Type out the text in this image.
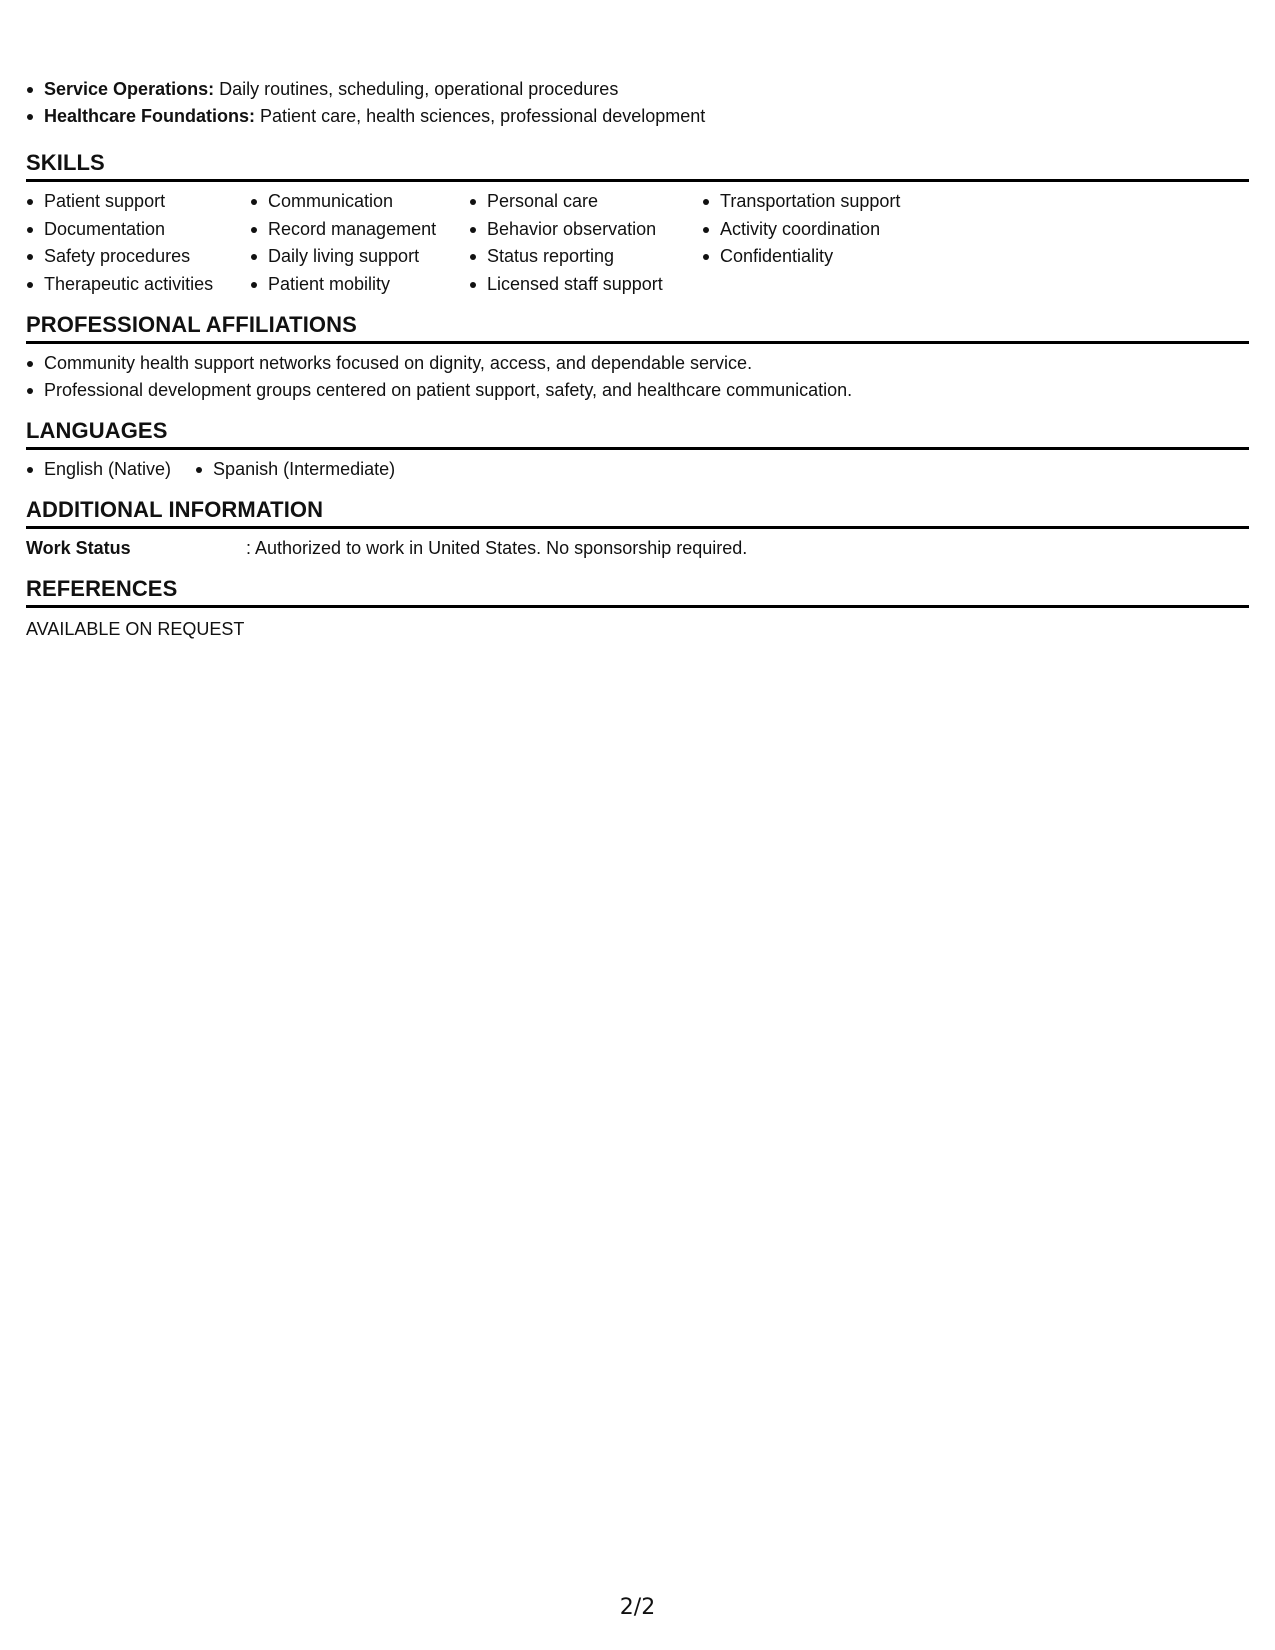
Service Operations: Daily routines, scheduling, operational procedures
Healthcare Foundations: Patient care, health sciences, professional development
SKILLS
Patient support
Documentation
Safety procedures
Therapeutic activities
Communication
Record management
Daily living support
Patient mobility
Personal care
Behavior observation
Status reporting
Licensed staff support
Transportation support
Activity coordination
Confidentiality
PROFESSIONAL AFFILIATIONS
Community health support networks focused on dignity, access, and dependable service.
Professional development groups centered on patient support, safety, and healthcare communication.
LANGUAGES
English (Native)	Spanish (Intermediate)
ADDITIONAL INFORMATION
Work Status	: Authorized to work in United States. No sponsorship required.
REFERENCES
AVAILABLE ON REQUEST
2/2
